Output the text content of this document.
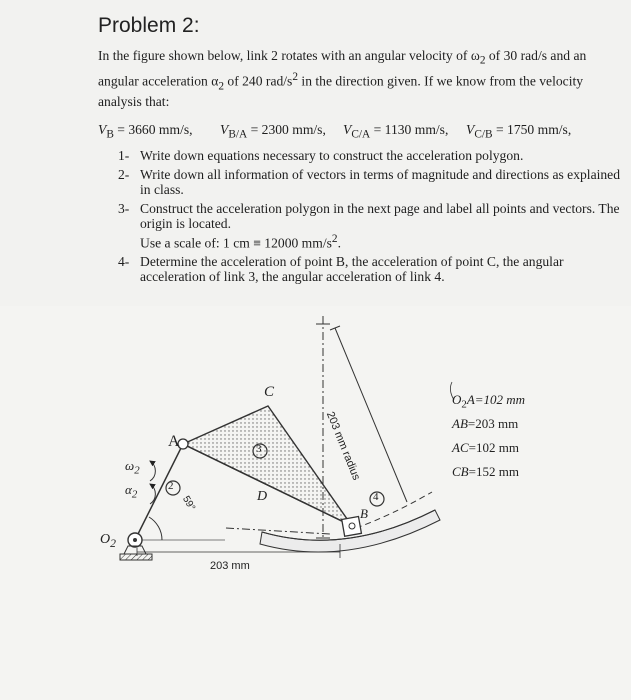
Problem 2:
In the figure shown below, link 2 rotates with an angular velocity of $\omega_2$ of 30 rad/s and an angular acceleration $\alpha_2$ of 240 rad/$s^2$ in the direction given. If we know from the velocity analysis that:
$V_B = 3660$ mm/s, $V_{B/A} = 2300$ mm/s, $V_{C/A} = 1130$ mm/s, $V_{C/B} = 1750$ mm/s,
1- Write down equations necessary to construct the acceleration polygon.
2- Write down all information of vectors in terms of magnitude and directions as explained in class.
3- Construct the acceleration polygon in the next page and label all points and vectors. The origin is located.
Use a scale of: 1 cm ≡ 12000 $mm/s^2$.
4- Determine the acceleration of point B, the acceleration of point C, the angular acceleration of link 3, the angular acceleration of link 4.
A
C
D
B
2
3
4
$O_2$
$\omega_2$
$\alpha_2$	59°
203 mm
203 mm radius
$O_2A=102$ mm
AB=203 mm
AC=102 mm
CB=152 mm
